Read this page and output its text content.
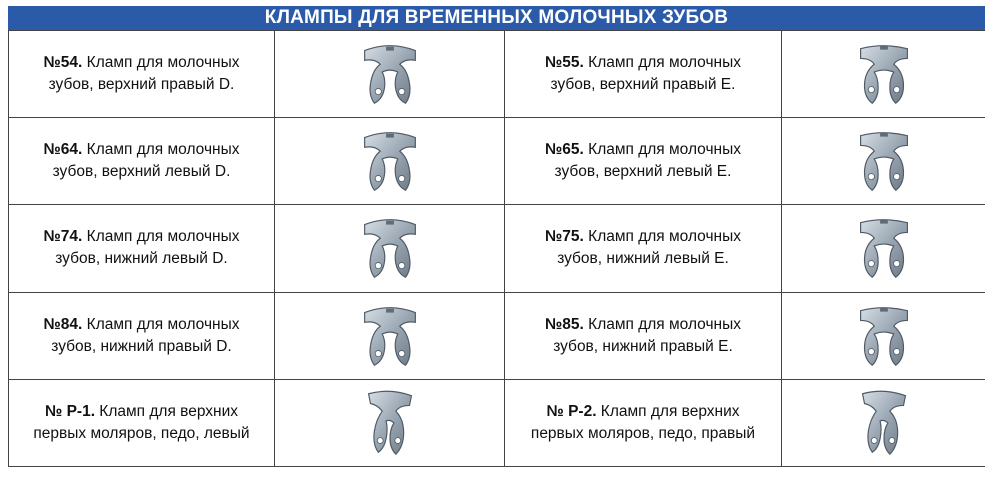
КЛАМПЫ ДЛЯ ВРЕМЕННЫХ МОЛОЧНЫХ ЗУБОВ
№54. Кламп для молочных
зубов, верхний правый D.
№55. Кламп для молочных
зубов, верхний правый E.
№64. Кламп для молочных
зубов, верхний левый D.
№65. Кламп для молочных
зубов, верхний левый E.
№74. Кламп для молочных
зубов, нижний левый D.
№75. Кламп для молочных
зубов, нижний левый E.
№84. Кламп для молочных
зубов, нижний правый D.
№85. Кламп для молочных
зубов, нижний правый E.
№ P-1. Кламп для верхних
первых моляров, педо, левый
№ P-2. Кламп для верхних
первых моляров, педо, правый
